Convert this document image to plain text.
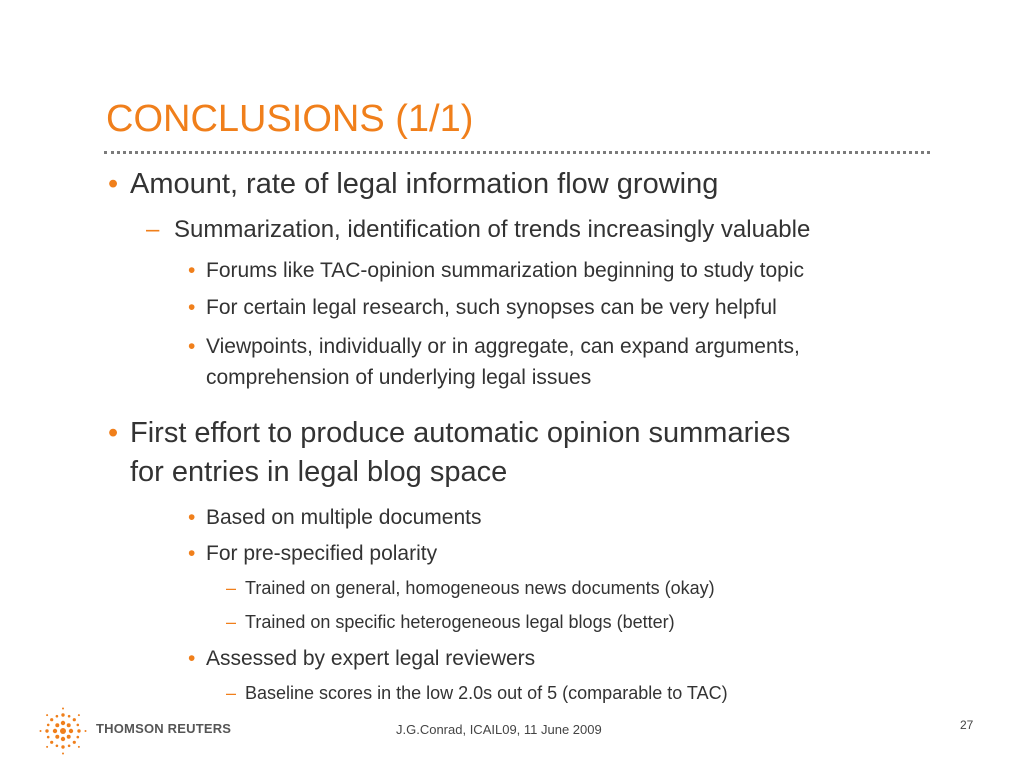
CONCLUSIONS (1/1)
• Amount, rate of legal information flow growing
– Summarization, identification of trends increasingly valuable
• Forums like TAC-opinion summarization beginning to study topic
• For certain legal research, such synopses can be very helpful
• Viewpoints, individually or in aggregate, can expand arguments,
comprehension of underlying legal issues
• First effort to produce automatic opinion summaries
for entries in legal blog space
• Based on multiple documents
• For pre-specified polarity
– Trained on general, homogeneous news documents (okay)
– Trained on specific heterogeneous legal blogs (better)
• Assessed by expert legal reviewers
– Baseline scores in the low 2.0s out of 5 (comparable to TAC)
THOMSON REUTERS	J.G.Conrad, ICAIL09, 11 June 2009	27
